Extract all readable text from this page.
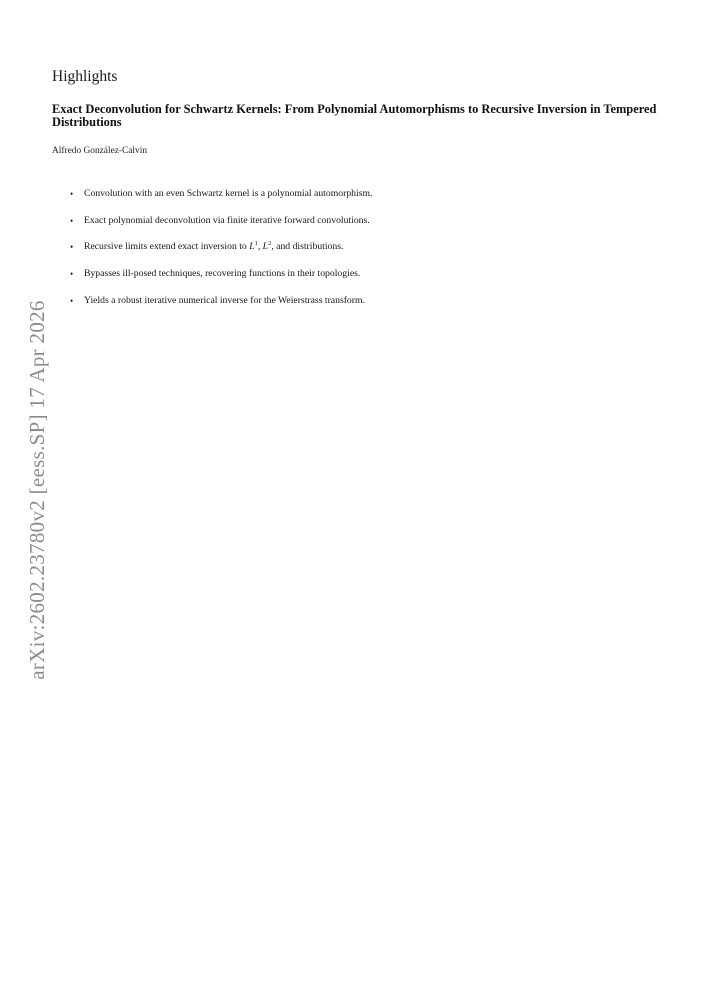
arXiv:2602.23780v2 [eess.SP] 17 Apr 2026
Highlights
Exact Deconvolution for Schwartz Kernels: From Polynomial Automorphisms to Recursive Inversion in Tempered Distributions
Alfredo González-Calvin
• Convolution with an even Schwartz kernel is a polynomial automorphism.
• Exact polynomial deconvolution via finite iterative forward convolutions.
• Recursive limits extend exact inversion to $L^1$, $L^2$, and distributions.
• Bypasses ill-posed techniques, recovering functions in their topologies.
• Yields a robust iterative numerical inverse for the Weierstrass transform.
